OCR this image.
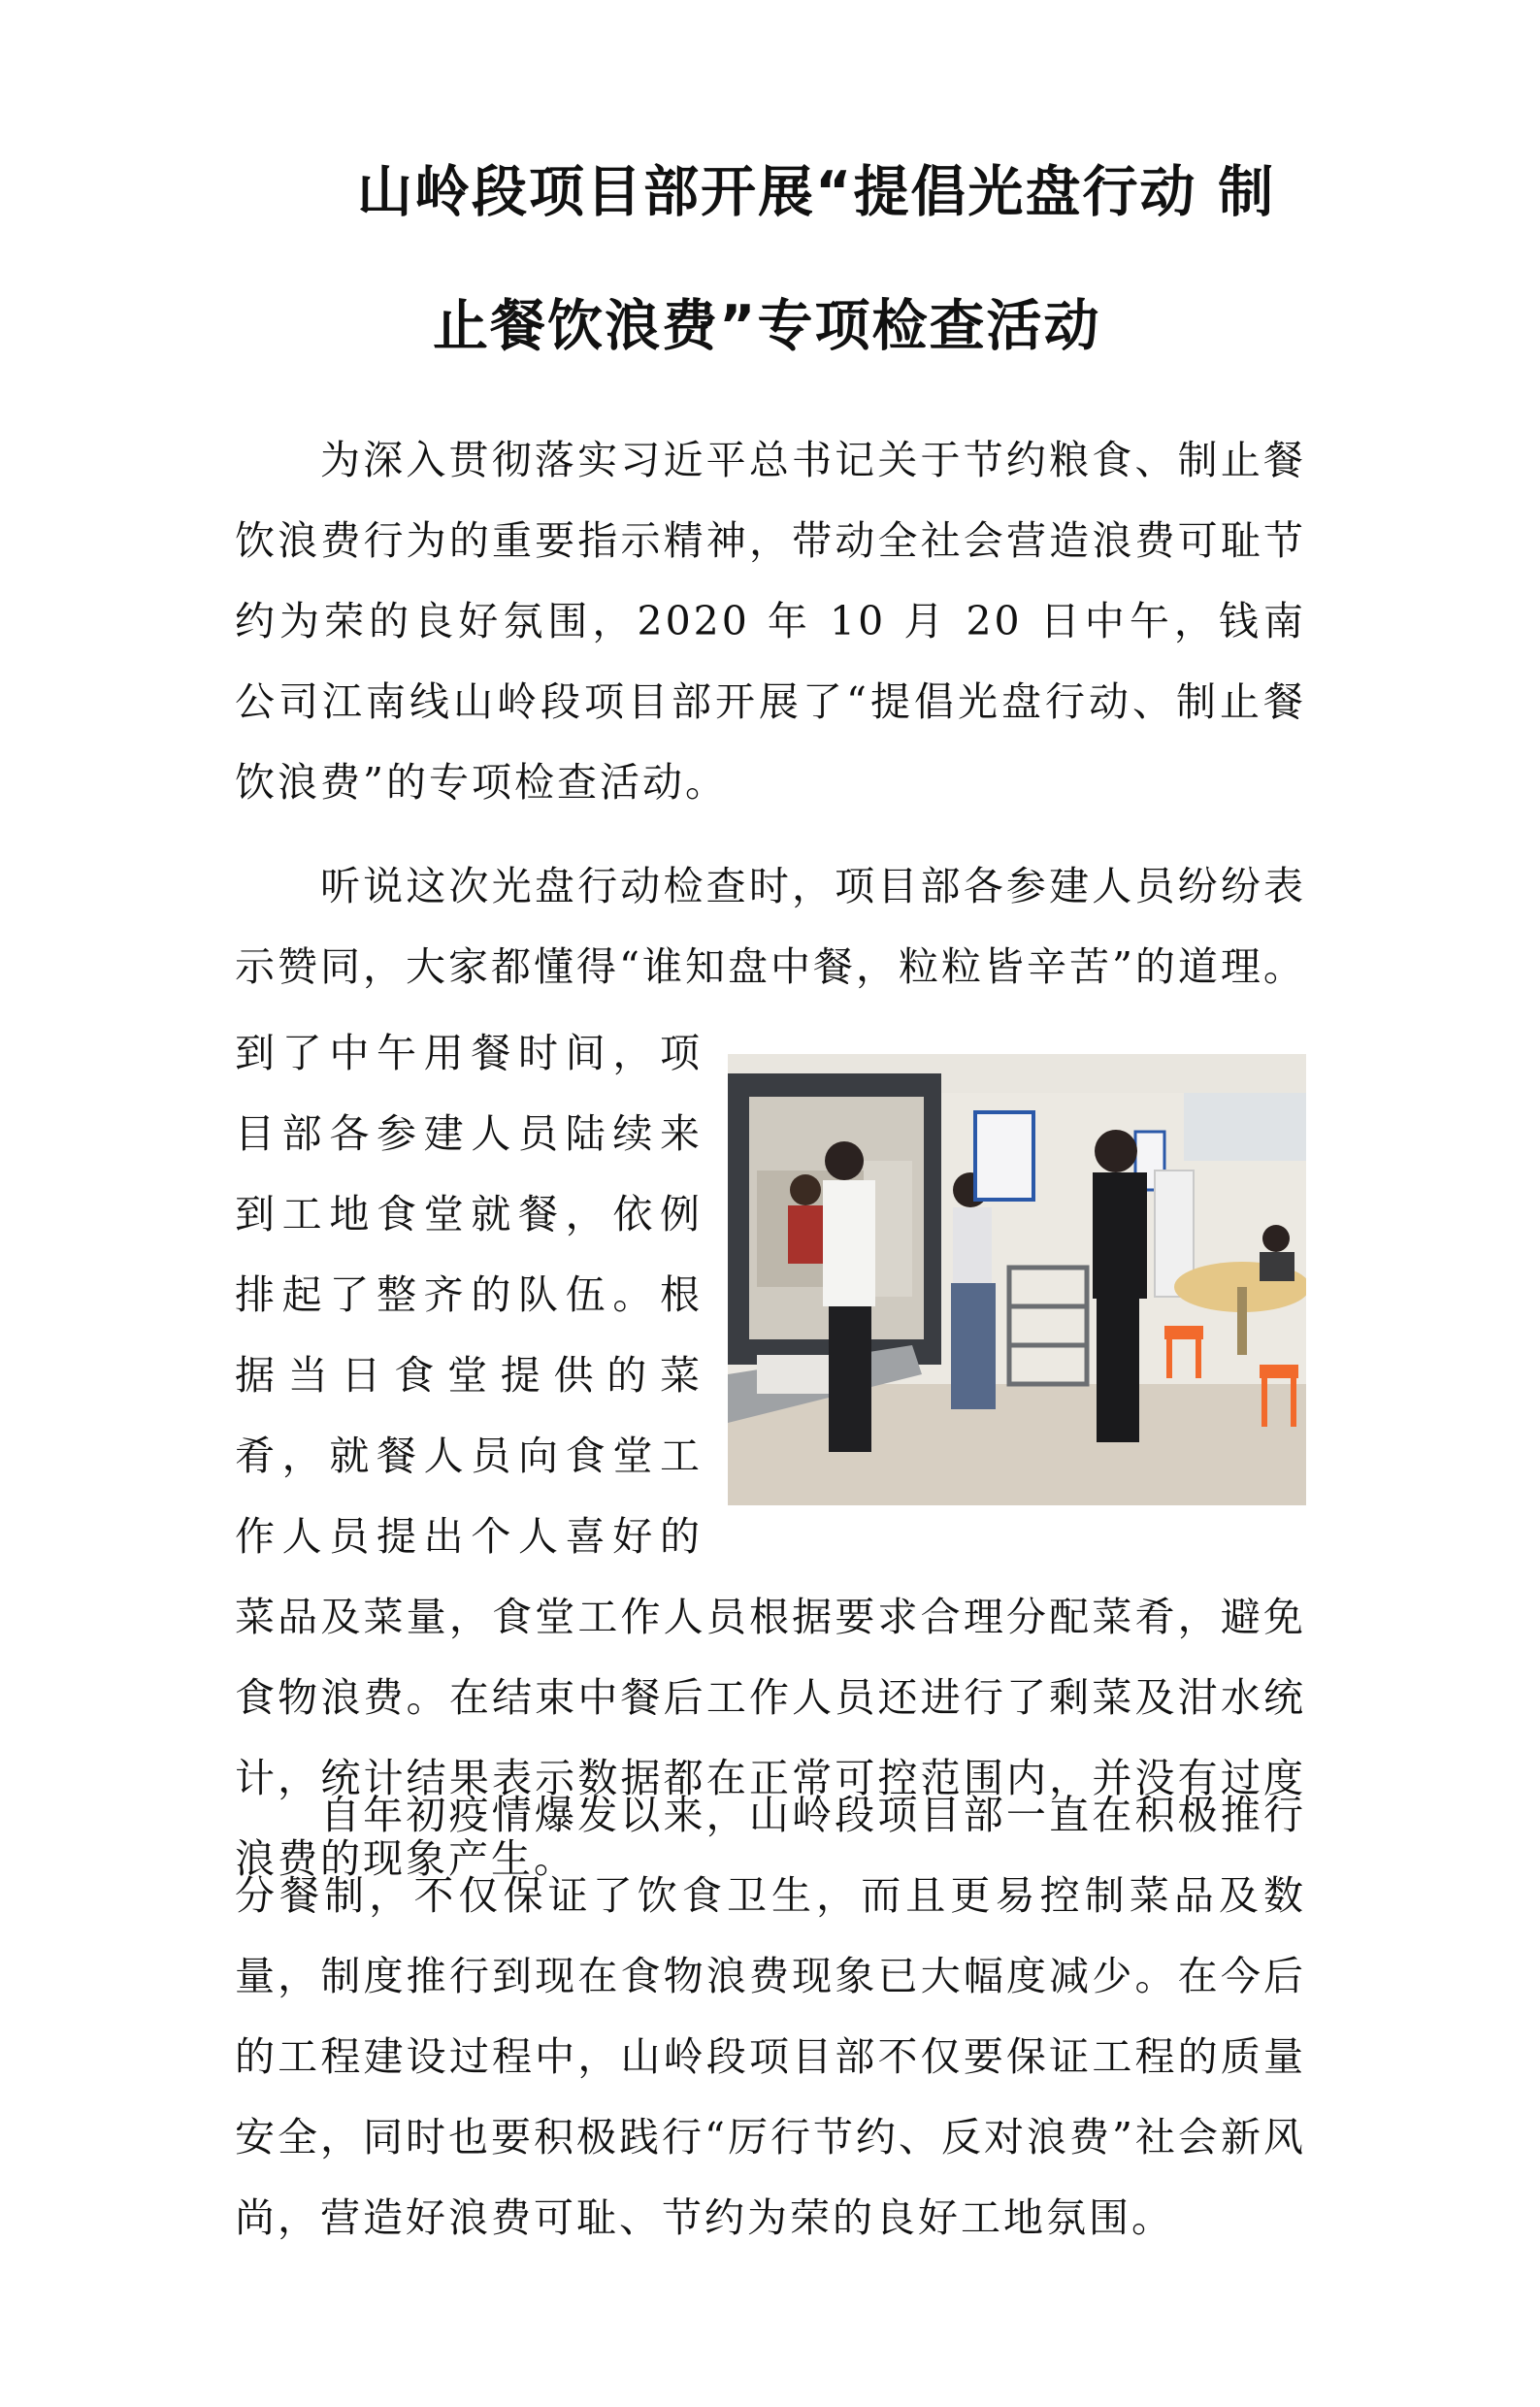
山岭段项目部开展“提倡光盘行动 制
止餐饮浪费”专项检查活动

为深入贯彻落实习近平总书记关于节约粮食、制止餐饮浪费行为的重要指示精神，带动全社会营造浪费可耻节约为荣的良好氛围，2020 年 10 月 20 日中午，钱南公司江南线山岭段项目部开展了“提倡光盘行动、制止餐饮浪费”的专项检查活动。

听说这次光盘行动检查时，项目部各参建人员纷纷表示赞同，大家都懂得“谁知盘中餐，粒粒皆辛苦”的道理。

到了中午用餐时间，项目部各参建人员陆续来到工地食堂就餐，依例排起了整齐的队伍。根据当日食堂提供的菜肴，就餐人员向食堂工作人员提出个人喜好的菜品及菜量，食堂工作人员根据要求合理分配菜肴，避免食物浪费。在结束中餐后工作人员还进行了剩菜及泔水统计，统计结果表示数据都在正常可控范围内，并没有过度浪费的现象产生。

自年初疫情爆发以来，山岭段项目部一直在积极推行分餐制，不仅保证了饮食卫生，而且更易控制菜品及数量，制度推行到现在食物浪费现象已大幅度减少。在今后的工程建设过程中，山岭段项目部不仅要保证工程的质量安全，同时也要积极践行“厉行节约、反对浪费”社会新风尚，营造好浪费可耻、节约为荣的良好工地氛围。
